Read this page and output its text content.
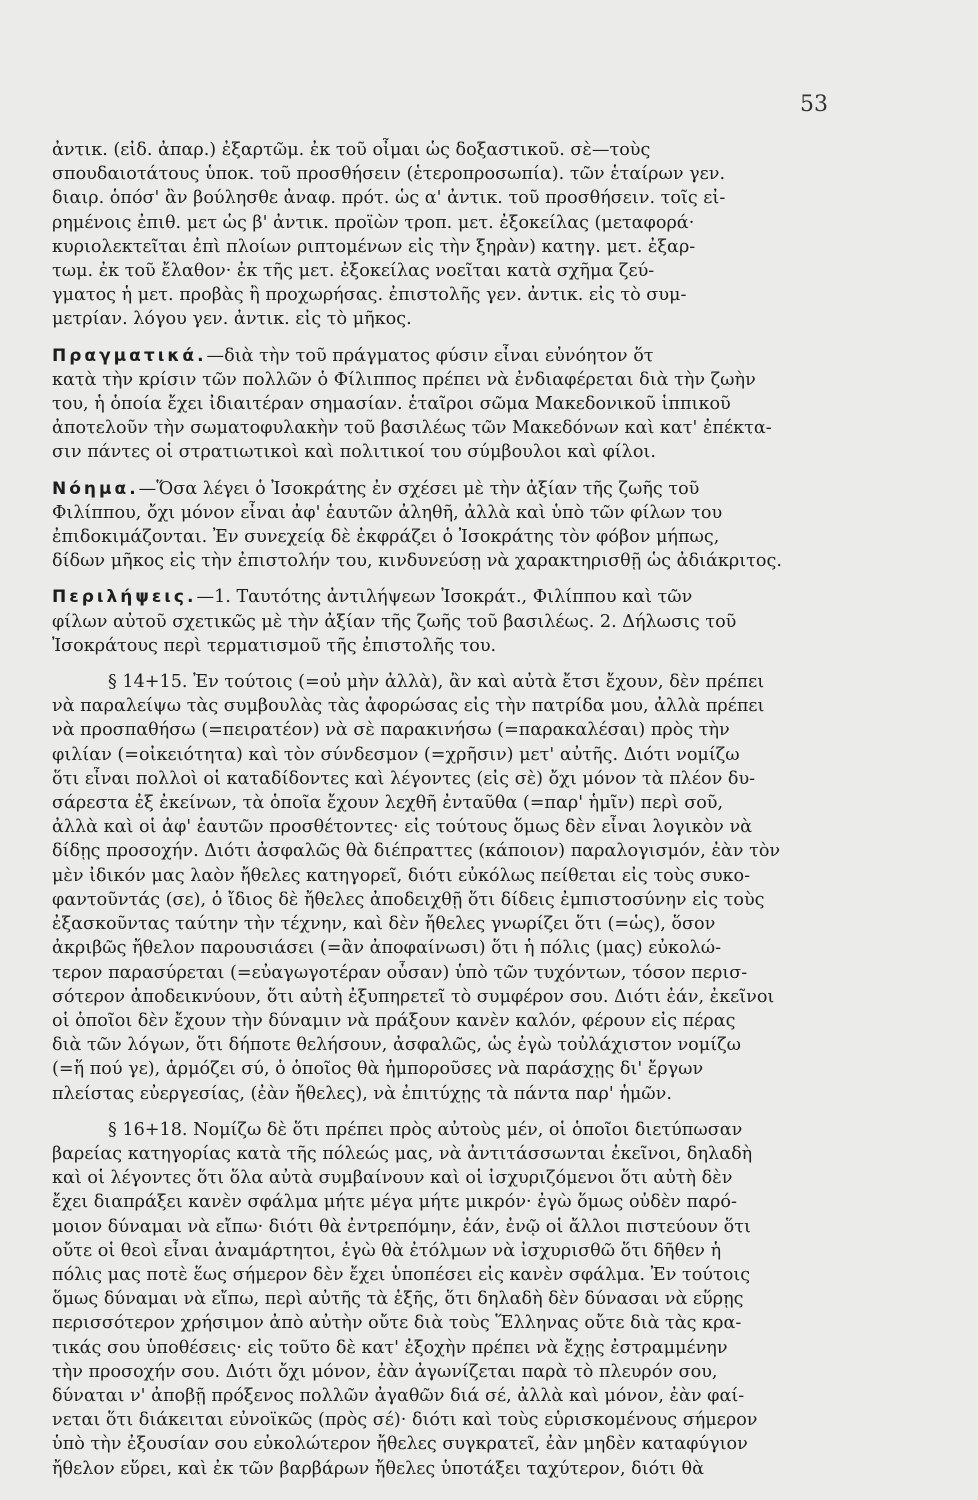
53
ἀντικ. (εἰδ. ἀπαρ.) ἐξαρτῶμ. ἐκ τοῦ οἶμαι ὡς δοξαστικοῦ. σὲ—τοὺς
σπουδαιοτάτους ὑποκ. τοῦ προσθήσειν (ἑτεροπροσωπία). τῶν ἑταίρων γεν.
διαιρ. ὁπόσ' ἂν βούλησθε ἀναφ. πρότ. ὡς α' ἀντικ. τοῦ προσθήσειν. τοῖς εἰ-
ρημένοις ἐπιθ. μετ ὡς β' ἀντικ. προϊὼν τροπ. μετ. ἐξοκείλας (μεταφορά·
κυριολεκτεῖται ἐπὶ πλοίων ριπτομένων εἰς τὴν ξηρὰν) κατηγ. μετ. ἐξαρ-
τωμ. ἐκ τοῦ ἔλαθον· ἐκ τῆς μετ. ἐξοκείλας νοεῖται κατὰ σχῆμα ζεύ-
γματος ἡ μετ. προβὰς ἢ προχωρήσας. ἐπιστολῆς γεν. ἀντικ. εἰς τὸ συμ-
μετρίαν. λόγου γεν. ἀντικ. εἰς τὸ μῆκος.
Πραγματικά.—διὰ τὴν τοῦ πράγματος φύσιν εἶναι εὐνόητον ὅτ
κατὰ τὴν κρίσιν τῶν πολλῶν ὁ Φίλιππος πρέπει νὰ ἐνδιαφέρεται διὰ τὴν ζωὴν
του, ἡ ὁποία ἔχει ἰδιαιτέραν σημασίαν. ἑταῖροι σῶμα Μακεδονικοῦ ἱππικοῦ
ἀποτελοῦν τὴν σωματοφυλακὴν τοῦ βασιλέως τῶν Μακεδόνων καὶ κατ' ἐπέκτα-
σιν πάντες οἱ στρατιωτικοὶ καὶ πολιτικοί του σύμβουλοι καὶ φίλοι.
Νόημα.—Ὅσα λέγει ὁ Ἰσοκράτης ἐν σχέσει μὲ τὴν ἀξίαν τῆς ζωῆς τοῦ
Φιλίππου, ὄχι μόνον εἶναι ἀφ' ἑαυτῶν ἀληθῆ, ἀλλὰ καὶ ὑπὸ τῶν φίλων του
ἐπιδοκιμάζονται. Ἐν συνεχείᾳ δὲ ἐκφράζει ὁ Ἰσοκράτης τὸν φόβον μήπως,
δίδων μῆκος εἰς τὴν ἐπιστολήν του, κινδυνεύσῃ νὰ χαρακτηρισθῇ ὡς ἀδιάκριτος.
Περιλήψεις.—1. Ταυτότης ἀντιλήψεων Ἰσοκράτ., Φιλίππου καὶ τῶν
φίλων αὐτοῦ σχετικῶς μὲ τὴν ἀξίαν τῆς ζωῆς τοῦ βασιλέως. 2. Δήλωσις τοῦ
Ἰσοκράτους περὶ τερματισμοῦ τῆς ἐπιστολῆς του.
§ 14+15. Ἐν τούτοις (=οὐ μὴν ἀλλὰ), ἂν καὶ αὐτὰ ἔτσι ἔχουν, δὲν πρέπει
νὰ παραλείψω τὰς συμβουλὰς τὰς ἀφορώσας εἰς τὴν πατρίδα μου, ἀλλὰ πρέπει
νὰ προσπαθήσω (=πειρατέον) νὰ σὲ παρακινήσω (=παρακαλέσαι) πρὸς τὴν
φιλίαν (=οἰκειότητα) καὶ τὸν σύνδεσμον (=χρῆσιν) μετ' αὐτῆς. Διότι νομίζω
ὅτι εἶναι πολλοὶ οἱ καταδίδοντες καὶ λέγοντες (εἰς σὲ) ὄχι μόνον τὰ πλέον δυ-
σάρεστα ἐξ ἐκείνων, τὰ ὁποῖα ἔχουν λεχθῆ ἐνταῦθα (=παρ' ἡμῖν) περὶ σοῦ,
ἀλλὰ καὶ οἱ ἀφ' ἑαυτῶν προσθέτοντες· εἰς τούτους ὅμως δὲν εἶναι λογικὸν νὰ
δίδῃς προσοχήν. Διότι ἀσφαλῶς θὰ διέπραττες (κάποιον) παραλογισμόν, ἐὰν τὸν
μὲν ἰδικόν μας λαὸν ἤθελες κατηγορεῖ, διότι εὐκόλως πείθεται εἰς τοὺς συκο-
φαντοῦντάς (σε), ὁ ἴδιος δὲ ἤθελες ἀποδειχθῇ ὅτι δίδεις ἐμπιστοσύνην εἰς τοὺς
ἐξασκοῦντας ταύτην τὴν τέχνην, καὶ δὲν ἤθελες γνωρίζει ὅτι (=ὡς), ὅσον
ἀκριβῶς ἤθελον παρουσιάσει (=ἂν ἀποφαίνωσι) ὅτι ἡ πόλις (μας) εὐκολώ-
τερον παρασύρεται (=εὐαγωγοτέραν οὖσαν) ὑπὸ τῶν τυχόντων, τόσον περισ-
σότερον ἀποδεικνύουν, ὅτι αὐτὴ ἐξυπηρετεῖ τὸ συμφέρον σου. Διότι ἐάν, ἐκεῖνοι
οἱ ὁποῖοι δὲν ἔχουν τὴν δύναμιν νὰ πράξουν κανὲν καλόν, φέρουν εἰς πέρας
διὰ τῶν λόγων, ὅτι δήποτε θελήσουν, ἀσφαλῶς, ὡς ἐγὼ τοὐλάχιστον νομίζω
(=ἥ πού γε), ἁρμόζει σύ, ὁ ὁποῖος θὰ ἠμποροῦσες νὰ παράσχῃς δι' ἔργων
πλείστας εὐεργεσίας, (ἐὰν ἤθελες), νὰ ἐπιτύχῃς τὰ πάντα παρ' ἡμῶν.
§ 16+18. Νομίζω δὲ ὅτι πρέπει πρὸς αὐτοὺς μέν, οἱ ὁποῖοι διετύπωσαν
βαρείας κατηγορίας κατὰ τῆς πόλεώς μας, νὰ ἀντιτάσσωνται ἐκεῖνοι, δηλαδὴ
καὶ οἱ λέγοντες ὅτι ὅλα αὐτὰ συμβαίνουν καὶ οἱ ἰσχυριζόμενοι ὅτι αὐτὴ δὲν
ἔχει διαπράξει κανὲν σφάλμα μήτε μέγα μήτε μικρόν· ἐγὼ ὅμως οὐδὲν παρό-
μοιον δύναμαι νὰ εἴπω· διότι θὰ ἐντρεπόμην, ἐάν, ἐνῷ οἱ ἄλλοι πιστεύουν ὅτι
οὔτε οἱ θεοὶ εἶναι ἀναμάρτητοι, ἐγὼ θὰ ἐτόλμων νὰ ἰσχυρισθῶ ὅτι δῆθεν ἡ
πόλις μας ποτὲ ἕως σήμερον δὲν ἔχει ὑποπέσει εἰς κανὲν σφάλμα. Ἐν τούτοις
ὅμως δύναμαι νὰ εἴπω, περὶ αὐτῆς τὰ ἑξῆς, ὅτι δηλαδὴ δὲν δύνασαι νὰ εὕρῃς
περισσότερον χρήσιμον ἀπὸ αὐτὴν οὔτε διὰ τοὺς Ἕλληνας οὔτε διὰ τὰς κρα-
τικάς σου ὑποθέσεις· εἰς τοῦτο δὲ κατ' ἐξοχὴν πρέπει νὰ ἔχῃς ἐστραμμένην
τὴν προσοχήν σου. Διότι ὄχι μόνον, ἐὰν ἀγωνίζεται παρὰ τὸ πλευρόν σου,
δύναται ν' ἀποβῇ πρόξενος πολλῶν ἀγαθῶν διά σέ, ἀλλὰ καὶ μόνον, ἐὰν φαί-
νεται ὅτι διάκειται εὐνοϊκῶς (πρὸς σέ)· διότι καὶ τοὺς εὑρισκομένους σήμερον
ὑπὸ τὴν ἐξουσίαν σου εὐκολώτερον ἤθελες συγκρατεῖ, ἐὰν μηδὲν καταφύγιον
ἤθελον εὕρει, καὶ ἐκ τῶν βαρβάρων ἤθελες ὑποτάξει ταχύτερον, διότι θὰ
